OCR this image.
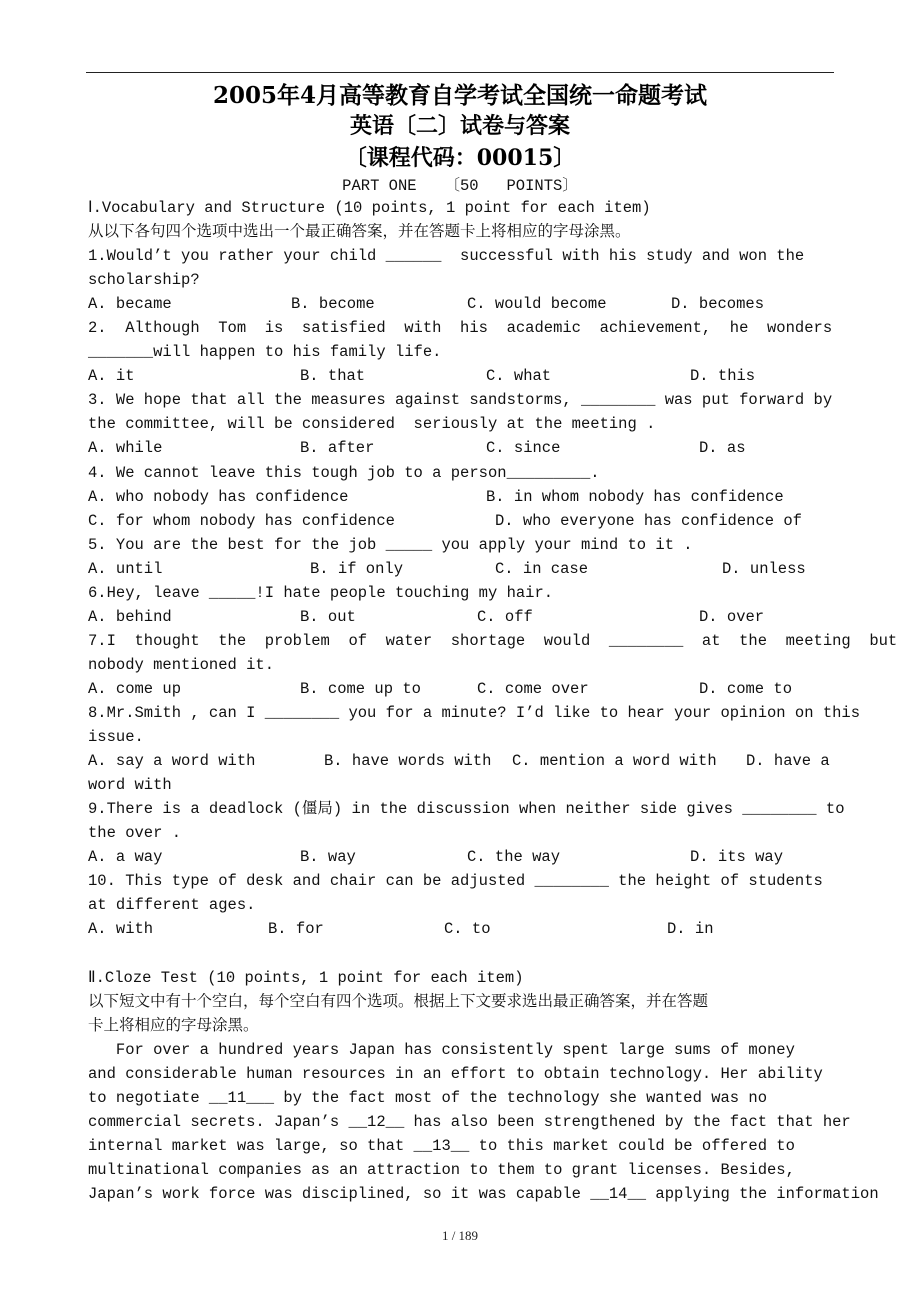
2005年4月高等教育自学考试全国统一命题考试
英语〔二〕试卷与答案
〔课程代码：00015〕
PART ONE   〔50   POINTS〕
Ⅰ.Vocabulary and Structure (10 points, 1 point for each item)
从以下各句四个选项中选出一个最正确答案，并在答题卡上将相应的字母涂黑。
1.Would’t you rather your child ______  successful with his study and won the
scholarship?

A. became

	B. become

	C. would become

	D. becomes

2.  Although  Tom  is  satisfied  with  his  academic  achievement,  he  wonders
_______will happen to his family life.

A. it

	B. that

	C. what

	D. this

3. We hope that all the measures against sandstorms, ________ was put forward by
the committee, will be considered  seriously at the meeting .

A. while

	B. after

	C. since

	D. as

4. We cannot leave this tough job to a person_________.

A. who nobody has confidence

	B. in whom nobody has confidence

C. for whom nobody has confidence

	D. who everyone has confidence of

5. You are the best for the job _____ you apply your mind to it .

A. until

	B. if only

	C. in case

	D. unless

6.Hey, leave _____!I hate people touching my hair.

A. behind

	B. out

	C. off

	D. over

7.I  thought  the  problem  of  water  shortage  would  ________  at  the  meeting  but
nobody mentioned it.

A. come up

	B. come up to

	C. come over

	D. come to

8.Mr.Smith , can I ________ you for a minute? I’d like to hear your opinion on this
issue.

A. say a word with

	B. have words with

C. mention a word with

D. have a

word with
9.There is a deadlock (僵局) in the discussion when neither side gives ________ to
the over .

A. a way

	B. way

	C. the way

	D. its way

10. This type of desk and chair can be adjusted ________ the height of students
at different ages.

A. with

	B. for

	C. to

	D. in

Ⅱ.Cloze Test (10 points, 1 point for each item)
以下短文中有十个空白，每个空白有四个选项。根据上下文要求选出最正确答案，并在答题
卡上将相应的字母涂黑。
For over a hundred years Japan has consistently spent large sums of money
and considerable human resources in an effort to obtain technology. Her ability
to negotiate __11___ by the fact most of the technology she wanted was no
commercial secrets. Japan’s __12__ has also been strengthened by the fact that her
internal market was large, so that __13__ to this market could be offered to
multinational companies as an attraction to them to grant licenses. Besides,
Japan’s work force was disciplined, so it was capable __14__ applying the information
1 / 189
